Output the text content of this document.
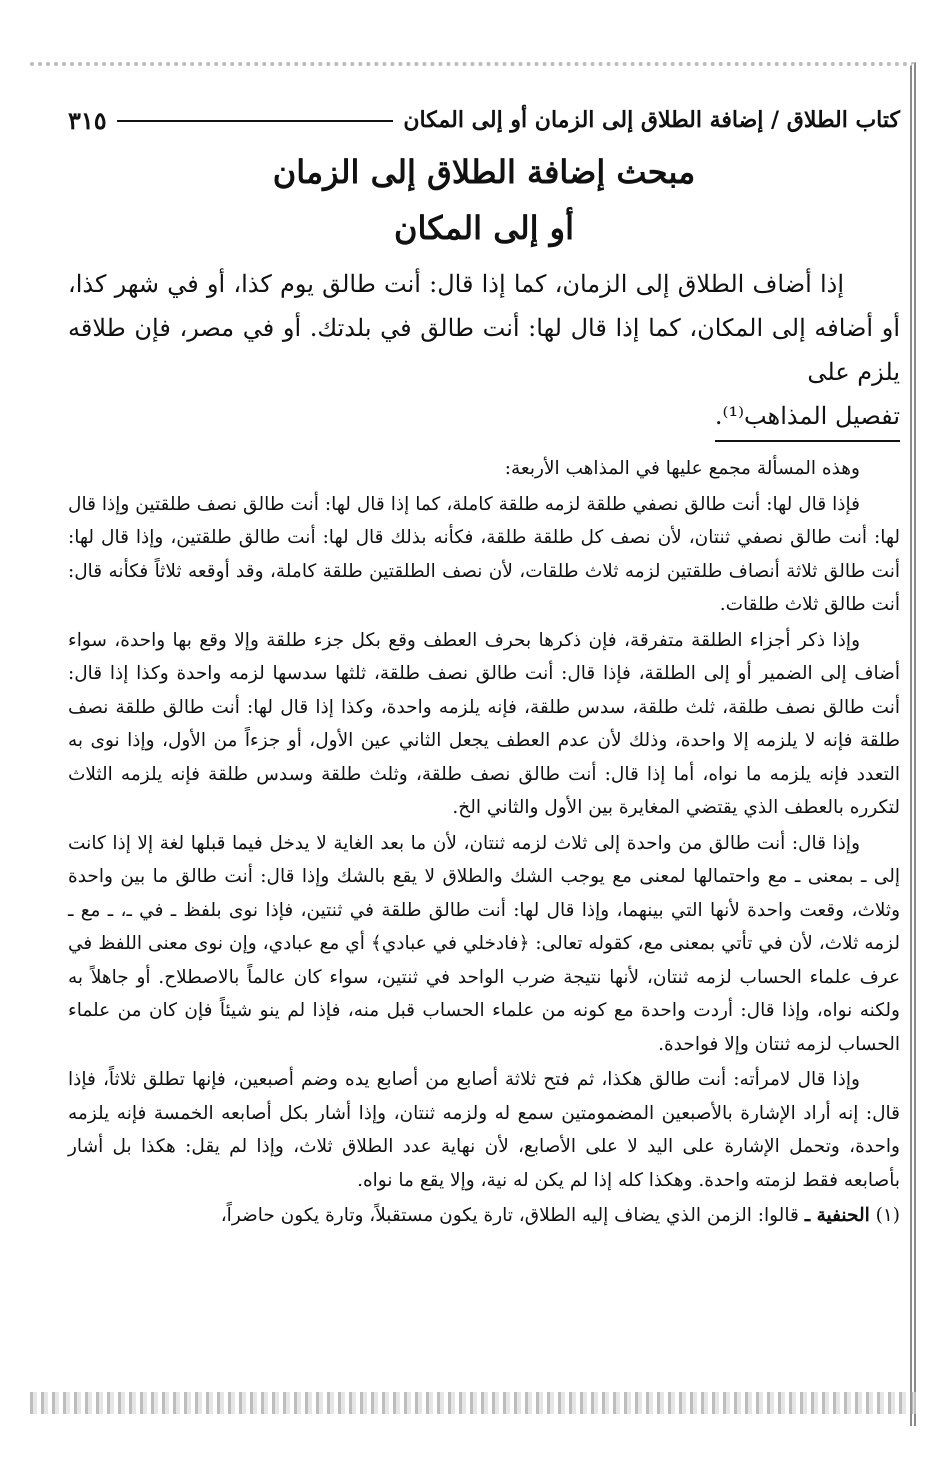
كتاب الطلاق / إضافة الطلاق إلى الزمان أو إلى المكان
٣١٥
مبحث إضافة الطلاق إلى الزمان
أو إلى المكان

إذا أضاف الطلاق إلى الزمان، كما إذا قال: أنت طالق يوم كذا، أو في شهر كذا، أو أضافه إلى المكان، كما إذا قال لها: أنت طالق في بلدتك. أو في مصر، فإن طلاقه يلزم على

تفصيل المذاهب⁽¹⁾.

وهذه المسألة مجمع عليها في المذاهب الأربعة:

فإذا قال لها: أنت طالق نصفي طلقة لزمه طلقة كاملة، كما إذا قال لها: أنت طالق نصف طلقتين وإذا قال لها: أنت طالق نصفي ثنتان، لأن نصف كل طلقة طلقة، فكأنه بذلك قال لها: أنت طالق طلقتين، وإذا قال لها: أنت طالق ثلاثة أنصاف طلقتين لزمه ثلاث طلقات، لأن نصف الطلقتين طلقة كاملة، وقد أوقعه ثلاثاً فكأنه قال: أنت طالق ثلاث طلقات.

وإذا ذكر أجزاء الطلقة متفرقة، فإن ذكرها بحرف العطف وقع بكل جزء طلقة وإلا وقع بها واحدة، سواء أضاف إلى الضمير أو إلى الطلقة، فإذا قال: أنت طالق نصف طلقة، ثلثها سدسها لزمه واحدة وكذا إذا قال: أنت طالق نصف طلقة، ثلث طلقة، سدس طلقة، فإنه يلزمه واحدة، وكذا إذا قال لها: أنت طالق طلقة نصف طلقة فإنه لا يلزمه إلا واحدة، وذلك لأن عدم العطف يجعل الثاني عين الأول، أو جزءاً من الأول، وإذا نوى به التعدد فإنه يلزمه ما نواه، أما إذا قال: أنت طالق نصف طلقة، وثلث طلقة وسدس طلقة فإنه يلزمه الثلاث لتكرره بالعطف الذي يقتضي المغايرة بين الأول والثاني الخ.

وإذا قال: أنت طالق من واحدة إلى ثلاث لزمه ثنتان، لأن ما بعد الغاية لا يدخل فيما قبلها لغة إلا إذا كانت إلى ـ بمعنى ـ مع واحتمالها لمعنى مع يوجب الشك والطلاق لا يقع بالشك وإذا قال: أنت طالق ما بين واحدة وثلاث، وقعت واحدة لأنها التي بينهما، وإذا قال لها: أنت طالق طلقة في ثنتين، فإذا نوى بلفظ ـ في ـ، ـ مع ـ لزمه ثلاث، لأن في تأتي بمعنى مع، كقوله تعالى: ﴿فادخلي في عبادي﴾ أي مع عبادي، وإن نوى معنى اللفظ في عرف علماء الحساب لزمه ثنتان، لأنها نتيجة ضرب الواحد في ثنتين، سواء كان عالماً بالاصطلاح. أو جاهلاً به ولكنه نواه، وإذا قال: أردت واحدة مع كونه من علماء الحساب قبل منه، فإذا لم ينو شيئاً فإن كان من علماء الحساب لزمه ثنتان وإلا فواحدة.

وإذا قال لامرأته: أنت طالق هكذا، ثم فتح ثلاثة أصابع من أصابع يده وضم أصبعين، فإنها تطلق ثلاثاً، فإذا قال: إنه أراد الإشارة بالأصبعين المضمومتين سمع له ولزمه ثنتان، وإذا أشار بكل أصابعه الخمسة فإنه يلزمه واحدة، وتحمل الإشارة على اليد لا على الأصابع، لأن نهاية عدد الطلاق ثلاث، وإذا لم يقل: هكذا بل أشار بأصابعه فقط لزمته واحدة. وهكذا كله إذا لم يكن له نية، وإلا يقع ما نواه.

(١) الحنفية ـ قالوا: الزمن الذي يضاف إليه الطلاق، تارة يكون مستقبلاً، وتارة يكون حاضراً،
